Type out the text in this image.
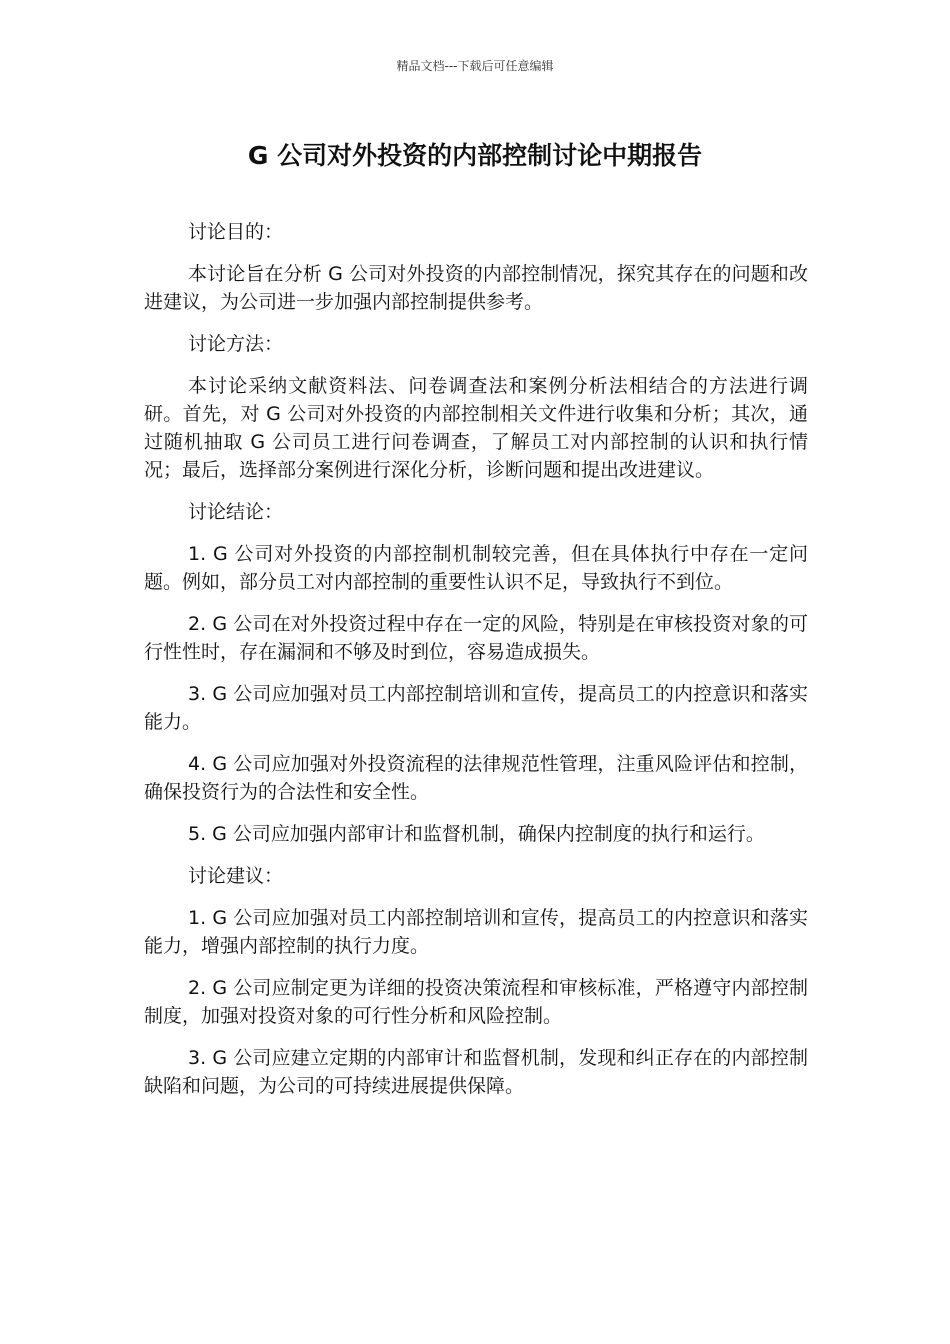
精品文档---下载后可任意编辑
G 公司对外投资的内部控制讨论中期报告

讨论目的：

本讨论旨在分析 G 公司对外投资的内部控制情况，探究其存在的问题和改进建议，为公司进一步加强内部控制提供参考。

讨论方法：

本讨论采纳文献资料法、问卷调查法和案例分析法相结合的方法进行调研。首先，对 G 公司对外投资的内部控制相关文件进行收集和分析；其次，通过随机抽取 G 公司员工进行问卷调查，了解员工对内部控制的认识和执行情况；最后，选择部分案例进行深化分析，诊断问题和提出改进建议。

讨论结论：

1. G 公司对外投资的内部控制机制较完善，但在具体执行中存在一定问题。例如，部分员工对内部控制的重要性认识不足，导致执行不到位。

2. G 公司在对外投资过程中存在一定的风险，特别是在审核投资对象的可行性性时，存在漏洞和不够及时到位，容易造成损失。

3. G 公司应加强对员工内部控制培训和宣传，提高员工的内控意识和落实能力。

4. G 公司应加强对外投资流程的法律规范性管理，注重风险评估和控制，确保投资行为的合法性和安全性。

5. G 公司应加强内部审计和监督机制，确保内控制度的执行和运行。

讨论建议：

1. G 公司应加强对员工内部控制培训和宣传，提高员工的内控意识和落实能力，增强内部控制的执行力度。

2. G 公司应制定更为详细的投资决策流程和审核标准，严格遵守内部控制制度，加强对投资对象的可行性分析和风险控制。

3. G 公司应建立定期的内部审计和监督机制，发现和纠正存在的内部控制缺陷和问题，为公司的可持续进展提供保障。
